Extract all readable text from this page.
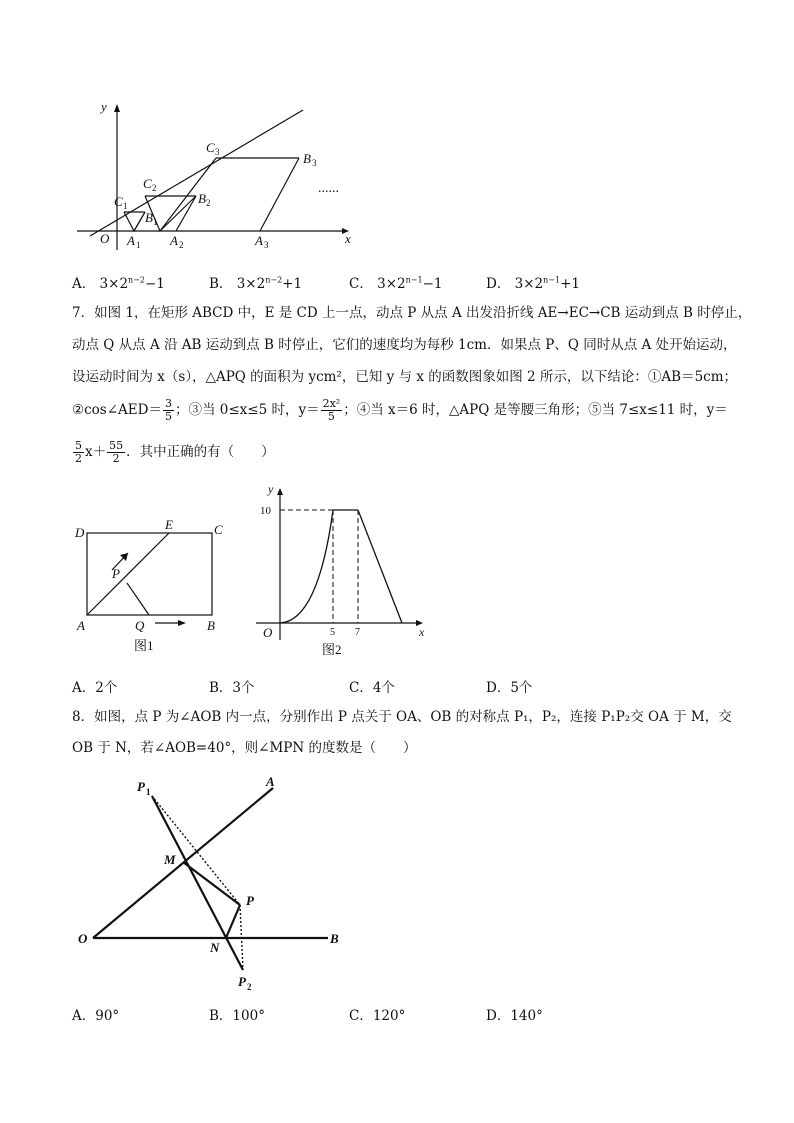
y
x
O
......
C 1
C 2
C 3
B 1
B 2
B 3
A 1 A 2	A 3
A． $3\times 2^{n-2}-1$	B． $3\times 2^{n-2}+1$	C． $3\times 2^{n-1}-1$	D． $3\times 2^{n-1}+1$
7．如图 1，在矩形 ABCD 中，E 是 CD 上一点，动点 P 从点 A 出发沿折线 AE→EC→CB 运动到点 B 时停止，
动点 Q 从点 A 沿 AB 运动到点 B 时停止，它们的速度均为每秒 1cm．如果点 P、Q 同时从点 A 处开始运动，
设运动时间为 x（s），△APQ 的面积为 ycm²，已知 y 与 x 的函数图象如图 2 所示，以下结论：①AB＝5cm；
②cos∠AED＝ $\frac{3}{5}$ ；③当 0≤x≤5 时，$y= \frac{\text{2x²}}{5}$ ；④当 x＝6 时，△APQ 是等腰三角形；⑤当 7≤x≤11 时，y＝
$\frac{5}{2} x+ \frac{55}{2}$ ．其中正确的有（　　）
D
E	C
P
A	Q	B
图1
y
x
O
10
5 7
图2
A．2个	B．3个	C．4个	D．5个
8．如图，点 P 为∠AOB 内一点，分别作出 P 点关于 OA、OB 的对称点 P₁，P₂，连接 P₁P₂交 OA 于 M，交
OB 于 N，若∠AOB=40°，则∠MPN 的度数是（　　）
A
B
O
P
M
N
P 1
P 2
A．90°	B．100°	C．120°	D．140°
